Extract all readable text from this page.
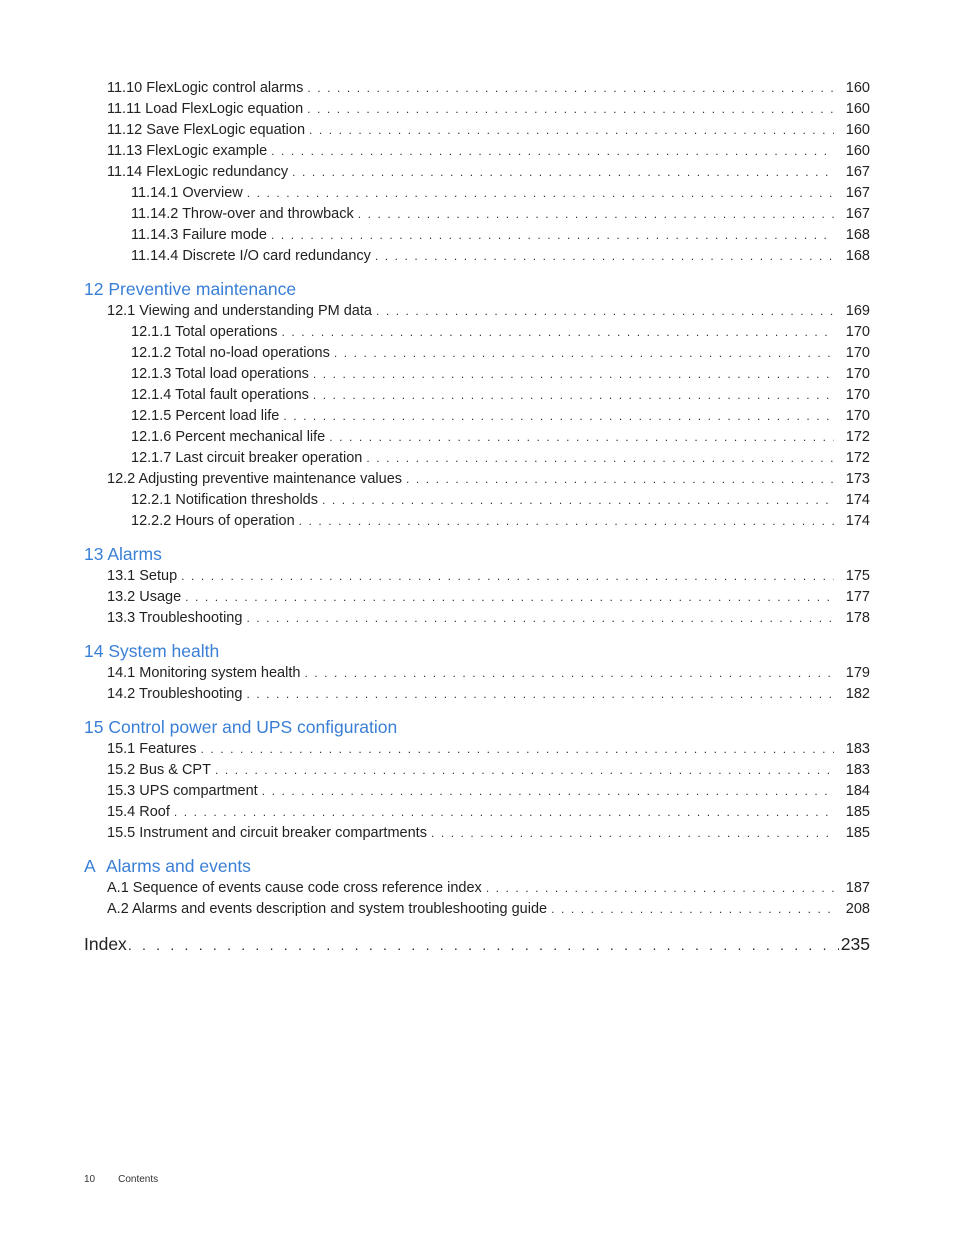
11.10 FlexLogic control alarms . . .	160
11.11 Load FlexLogic equation . . .	160
11.12 Save FlexLogic equation . . .	160
11.13 FlexLogic example . . .	160
11.14 FlexLogic redundancy . . .	167
11.14.1 Overview . . .	167
11.14.2 Throw-over and throwback . . .	167
11.14.3 Failure mode . . .	168
11.14.4 Discrete I/O card redundancy . . .	168
12 Preventive maintenance
12.1 Viewing and understanding PM data . . .	169
12.1.1 Total operations . . .	170
12.1.2 Total no-load operations . . .	170
12.1.3 Total load operations . . .	170
12.1.4 Total fault operations . . .	170
12.1.5 Percent load life . . .	170
12.1.6 Percent mechanical life . . .	172
12.1.7 Last circuit breaker operation . . .	172
12.2 Adjusting preventive maintenance values . . .	173
12.2.1 Notification thresholds . . .	174
12.2.2 Hours of operation . . .	174
13 Alarms
13.1 Setup . . .	175
13.2 Usage . . .	177
13.3 Troubleshooting . . .	178
14 System health
14.1 Monitoring system health . . .	179
14.2 Troubleshooting . . .	182
15 Control power and UPS configuration
15.1 Features . . .	183
15.2 Bus & CPT . . .	183
15.3 UPS compartment . . .	184
15.4 Roof . . .	185
15.5 Instrument and circuit breaker compartments . . .	185
A Alarms and events
A.1 Sequence of events cause code cross reference index . . .	187
A.2 Alarms and events description and system troubleshooting guide . . .	208
Index . . .	235
10 Contents
